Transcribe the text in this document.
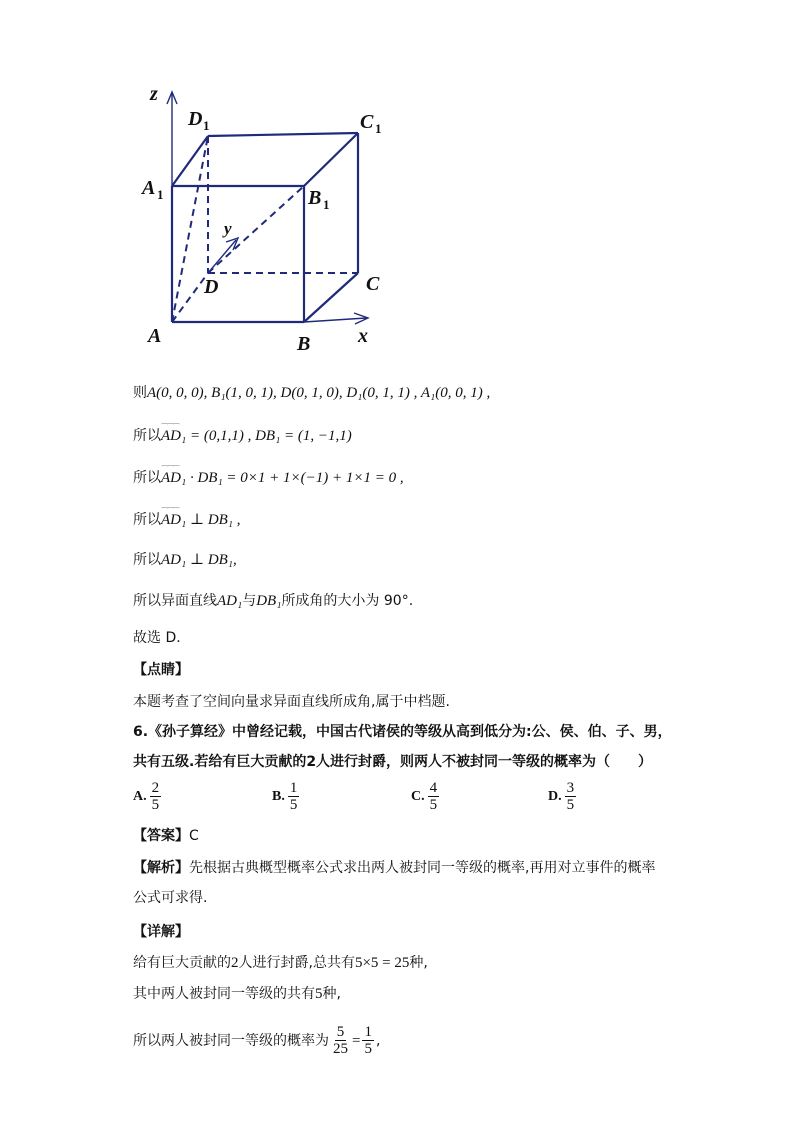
z
y
x
A	B
C
D
A 1	B 1
C 1
D 1
则A(0, 0, 0), B₁(1, 0, 1), D(0, 1, 0), D₁(0, 1, 1) , A₁(0, 0, 1) ,
所以⌒⌒⌒ AD₁ = (0,1,1) , DB₁ = (1, −1,1)
所以⌒⌒⌒ AD₁ · DB₁ = 0×1 + 1×(−1) + 1×1 = 0 ,
所以⌒⌒⌒ AD₁ ⊥ DB₁ ,
所以AD₁ ⊥ DB₁,
所以异面直线AD₁与DB₁所成角的大小为 90°.
故选 D.
【点睛】
本题考查了空间向量求异面直线所成角,属于中档题.
6.《孙子算经》中曾经记载，中国古代诸侯的等级从高到低分为:公、侯、伯、子、男，
共有五级.若给有巨大贡献的2人进行封爵，则两人不被封同一等级的概率为（　　）
A. $\frac{2}{5}$	B. $\frac{1}{5}$	C. $\frac{4}{5}$	D. $\frac{3}{5}$
【答案】C
【解析】先根据古典概型概率公式求出两人被封同一等级的概率,再用对立事件的概率
公式可求得.
【详解】
给有巨大贡献的2人进行封爵,总共有5×5 = 25种,
其中两人被封同一等级的共有5种,
所以两人被封同一等级的概率为 $\frac{5}{25} = \frac{1}{5}$ ,
